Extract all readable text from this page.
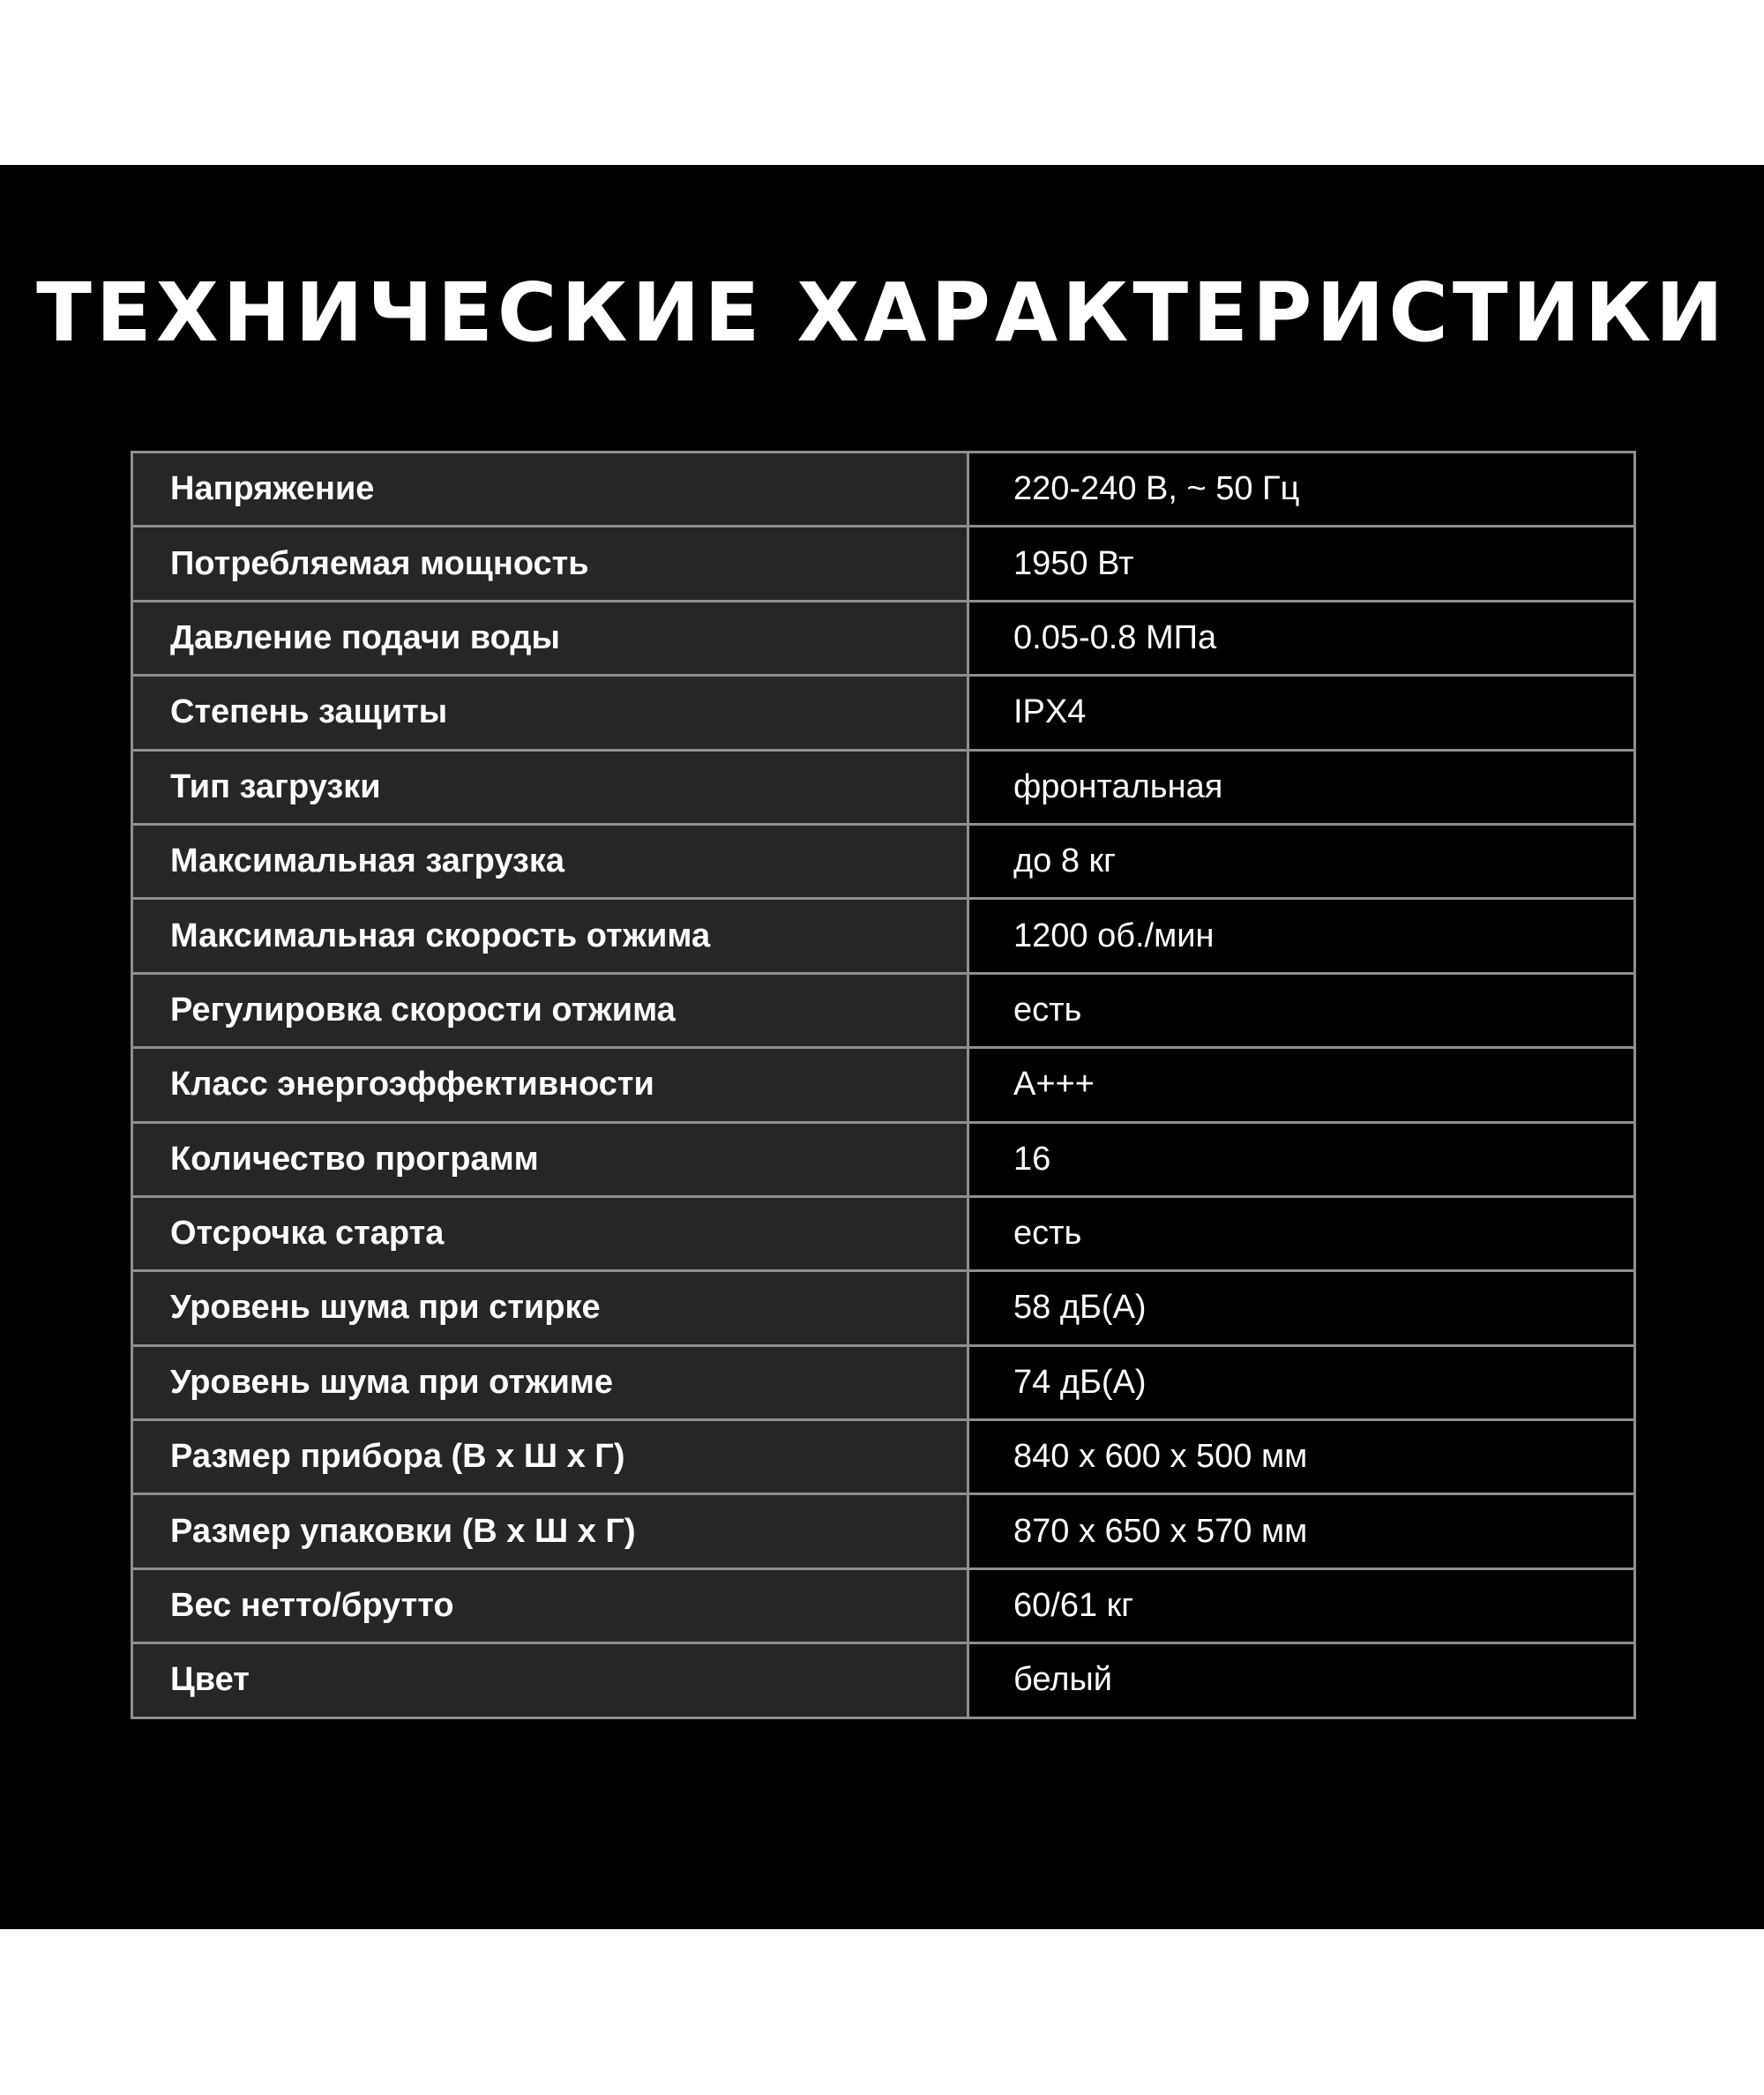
ТЕХНИЧЕСКИЕ ХАРАКТЕРИСТИКИ
Напряжение	220-240 В, ~ 50 Гц
Потребляемая мощность	1950 Вт
Давление подачи воды	0.05-0.8 МПа
Степень защиты	IPX4
Тип загрузки	фронтальная
Максимальная загрузка	до 8 кг
Максимальная скорость отжима	1200 об./мин
Регулировка скорости отжима	есть
Класс энергоэффективности	A+++
Количество программ	16
Отсрочка старта	есть
Уровень шума при стирке	58 дБ(А)
Уровень шума при отжиме	74 дБ(А)
Размер прибора (В х Ш х Г)	840 х 600 х 500 мм
Размер упаковки (В х Ш х Г)	870 х 650 х 570 мм
Вес нетто/брутто	60/61 кг
Цвет	белый
